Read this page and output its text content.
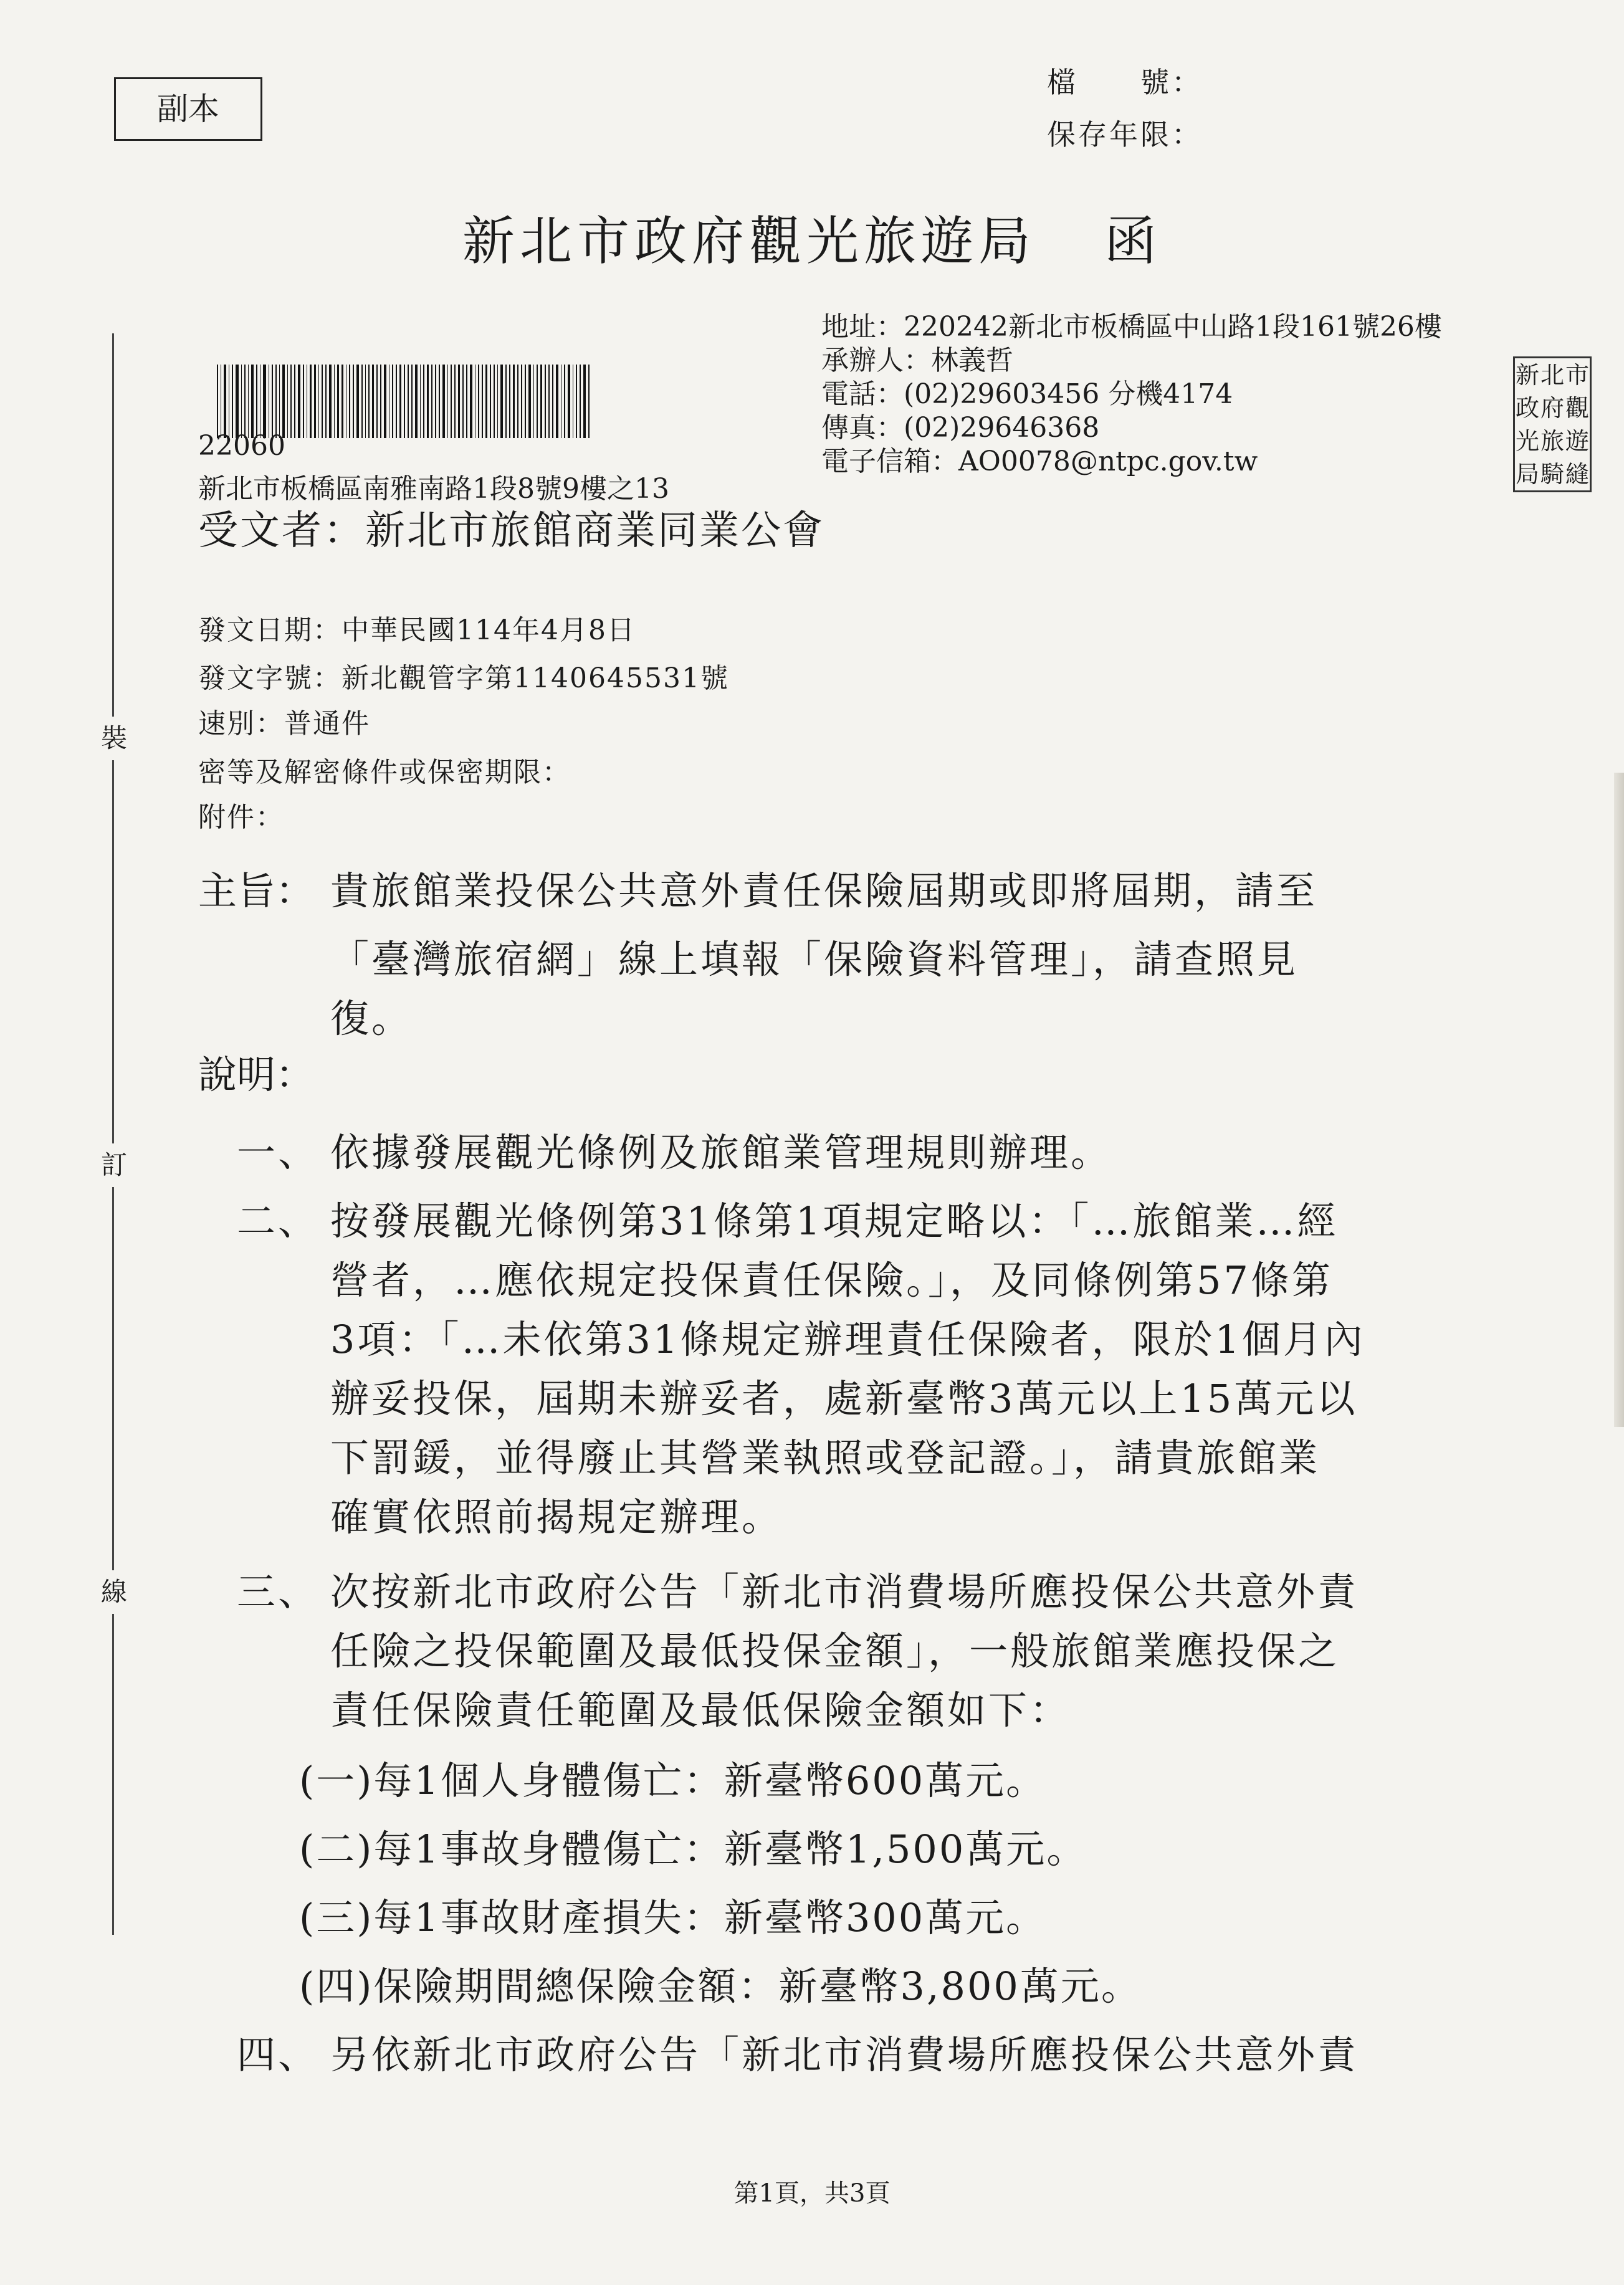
副本
檔　　號：
保存年限：
新北市政府觀光旅遊局 函
地址：220242新北市板橋區中山路1段161號26樓
承辦人：林義哲
電話：(02)29603456 分機4174
傳真：(02)29646368
電子信箱：AO0078@ntpc.gov.tw
新 北 市
政 府 觀
光 旅 遊
局 騎 縫
22060
新北市板橋區南雅南路1段8號9樓之13
受文者：新北市旅館商業同業公會
發文日期：中華民國114年4月8日
發文字號：新北觀管字第1140645531號
速別：普通件
密等及解密條件或保密期限：
附件：
主旨： 貴旅館業投保公共意外責任保險屆期或即將屆期，請至
「臺灣旅宿網」線上填報「保險資料管理」，請查照見
復。
說明：
一、 依據發展觀光條例及旅館業管理規則辦理。
二、 按發展觀光條例第31條第1項規定略以：「…旅館業…經
營者，…應依規定投保責任保險。」，及同條例第57條第
3項：「…未依第31條規定辦理責任保險者，限於1個月內
辦妥投保，屆期未辦妥者，處新臺幣3萬元以上15萬元以
下罰鍰，並得廢止其營業執照或登記證。」，請貴旅館業
確實依照前揭規定辦理。
三、 次按新北市政府公告「新北市消費場所應投保公共意外責
任險之投保範圍及最低投保金額」，一般旅館業應投保之
責任保險責任範圍及最低保險金額如下：
(一)每1個人身體傷亡：新臺幣600萬元。
(二)每1事故身體傷亡：新臺幣1,500萬元。
(三)每1事故財產損失：新臺幣300萬元。
(四)保險期間總保險金額：新臺幣3,800萬元。
四、 另依新北市政府公告「新北市消費場所應投保公共意外責
裝
訂
線
第1頁，共3頁
